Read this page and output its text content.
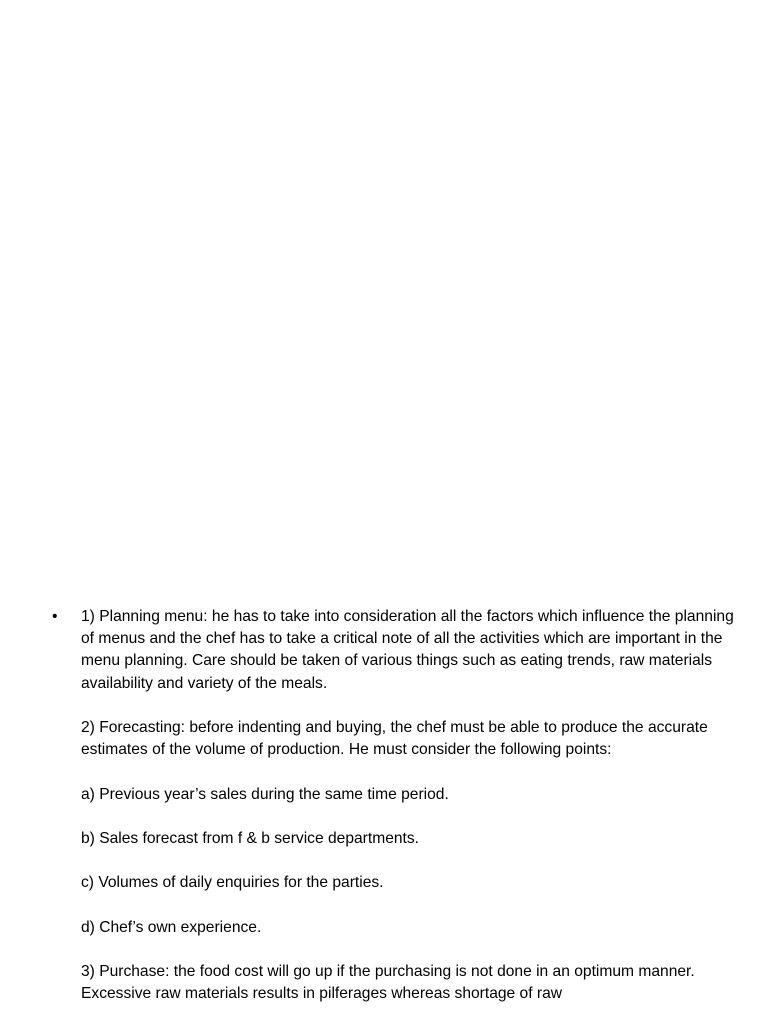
• 1) Planning menu: he has to take into consideration all the factors which influence the planning of menus and the chef has to take a critical note of all the activities which are important in the menu planning. Care should be taken of various things such as eating trends, raw materials availability and variety of the meals.

2) Forecasting: before indenting and buying, the chef must be able to produce the accurate estimates of the volume of production. He must consider the following points:

a) Previous year’s sales during the same time period.

b) Sales forecast from f & b service departments.

c) Volumes of daily enquiries for the parties.

d) Chef’s own experience.

3) Purchase: the food cost will go up if the purchasing is not done in an optimum manner. Excessive raw materials results in pilferages whereas shortage of raw
